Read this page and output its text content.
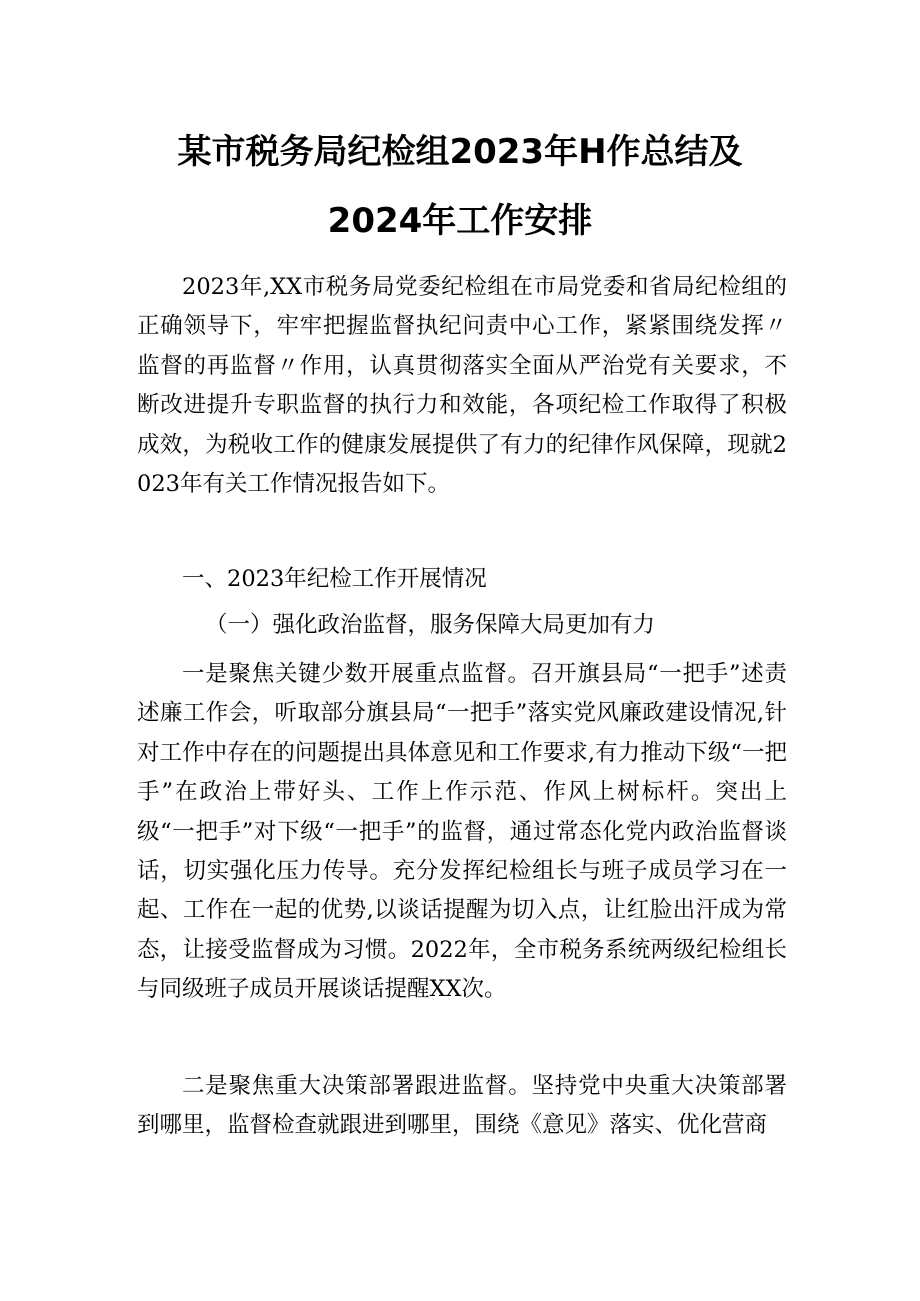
某市税务局纪检组2023年H作总结及
2024年工作安排

2023年,XX市税务局党委纪检组在市局党委和省局纪检组的正确领导下，牢牢把握监督执纪问责中心工作，紧紧围绕发挥〃监督的再监督〃作用，认真贯彻落实全面从严治党有关要求，不断改进提升专职监督的执行力和效能，各项纪检工作取得了积极成效，为税收工作的健康发展提供了有力的纪律作风保障，现就2023年有关工作情况报告如下。

一、2023年纪检工作开展情况

（一）强化政治监督，服务保障大局更加有力

一是聚焦关键少数开展重点监督。召开旗县局“一把手”述责述廉工作会，听取部分旗县局“一把手”落实党风廉政建设情况,针对工作中存在的问题提出具体意见和工作要求,有力推动下级“一把手”在政治上带好头、工作上作示范、作风上树标杆。突出上级“一把手”对下级“一把手”的监督，通过常态化党内政治监督谈话，切实强化压力传导。充分发挥纪检组长与班子成员学习在一起、工作在一起的优势,以谈话提醒为切入点，让红脸出汗成为常态，让接受监督成为习惯。2022年，全市税务系统两级纪检组长与同级班子成员开展谈话提醒XX次。

二是聚焦重大决策部署跟进监督。坚持党中央重大决策部署到哪里，监督检查就跟进到哪里，围绕《意见》落实、优化营商
